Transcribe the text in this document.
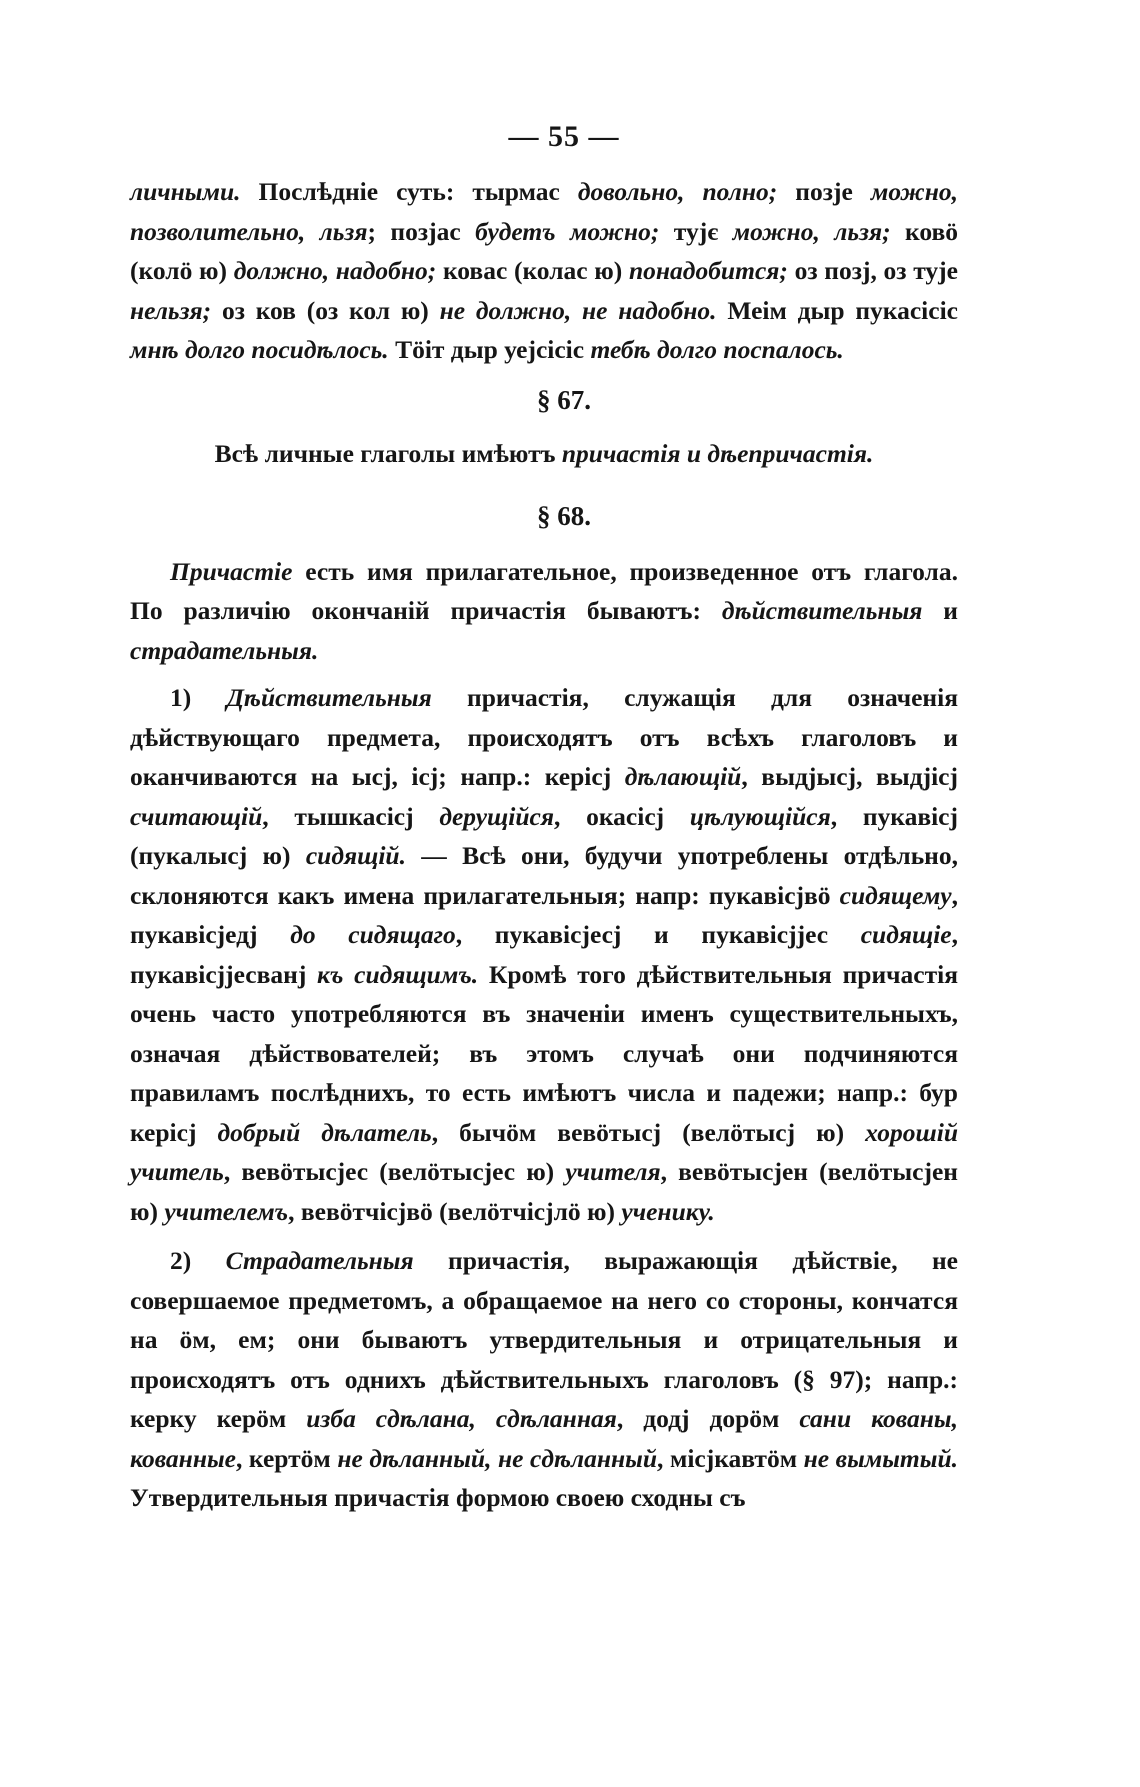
— 55 —

личными. Послѣдніе суть: тырмас довольно, полно; позје можно, позволительно, льзя; позјас будетъ можно; тујє можно, льзя; ковӧ (колӧ ю) должно, надобно; ковас (колас ю) понадобится; оз позј, оз тује нельзя; оз ков (оз кол ю) не должно, не надобно. Меім дыр пукасісіс мнѣ долго посидѣлось. Тӧіт дыр уејсісіс тебѣ долго поспалось.

§ 67.

Всѣ личные глаголы имѣютъ причастія и дѣепричастія.

§ 68.

Причастіе есть имя прилагательное, произведенное отъ глагола. По различію окончаній причастія бываютъ: дѣйствительныя и страдательныя.

1) Дѣйствительныя причастія, служащія для означенія дѣйствующаго предмета, происходятъ отъ всѣхъ глаголовъ и оканчиваются на ысј, ісј; напр.: керісј дѣлающій, выдјысј, выдјісј считающій, тышкасісј дерущійся, окасісј цѣлующійся, пукавісј (пукалысј ю) сидящій. — Всѣ они, будучи употреблены отдѣльно, склоняются какъ имена прилагательныя; напр: пукавісјвӧ сидящему, пукавісједј до сидящаго, пукавісјесј и пукавісјјес сидящіе, пукавісјјесванј къ сидящимъ. Кромѣ того дѣйствительныя причастія очень часто употребляются въ значеніи именъ существительныхъ, означая дѣйствователей; въ этомъ случаѣ они подчиняются правиламъ послѣднихъ, то есть имѣютъ числа и падежи; напр.: бур керісј добрый дѣлатель, бычӧм вевӧтысј (велӧтысј ю) хорошій учитель, вевӧтысјес (велӧтысјес ю) учителя, вевӧтысјен (велӧтысјен ю) учителемъ, вевӧтчісјвӧ (велӧтчісјлӧ ю) ученику.

2) Страдательныя причастія, выражающія дѣйствіе, не совершаемое предметомъ, а обращаемое на него со стороны, кончатся на ӧм, ем; они бываютъ утвердительныя и отрицательныя и происходятъ отъ однихъ дѣйствительныхъ глаголовъ (§ 97); напр.: керку керӧм изба сдѣлана, сдѣланная, додј дорӧм сани кованы, кованные, кертӧм не дѣланный, не сдѣланный, місјкавтӧм не вымытый. Утвердительныя причастія формою своею сходны съ
